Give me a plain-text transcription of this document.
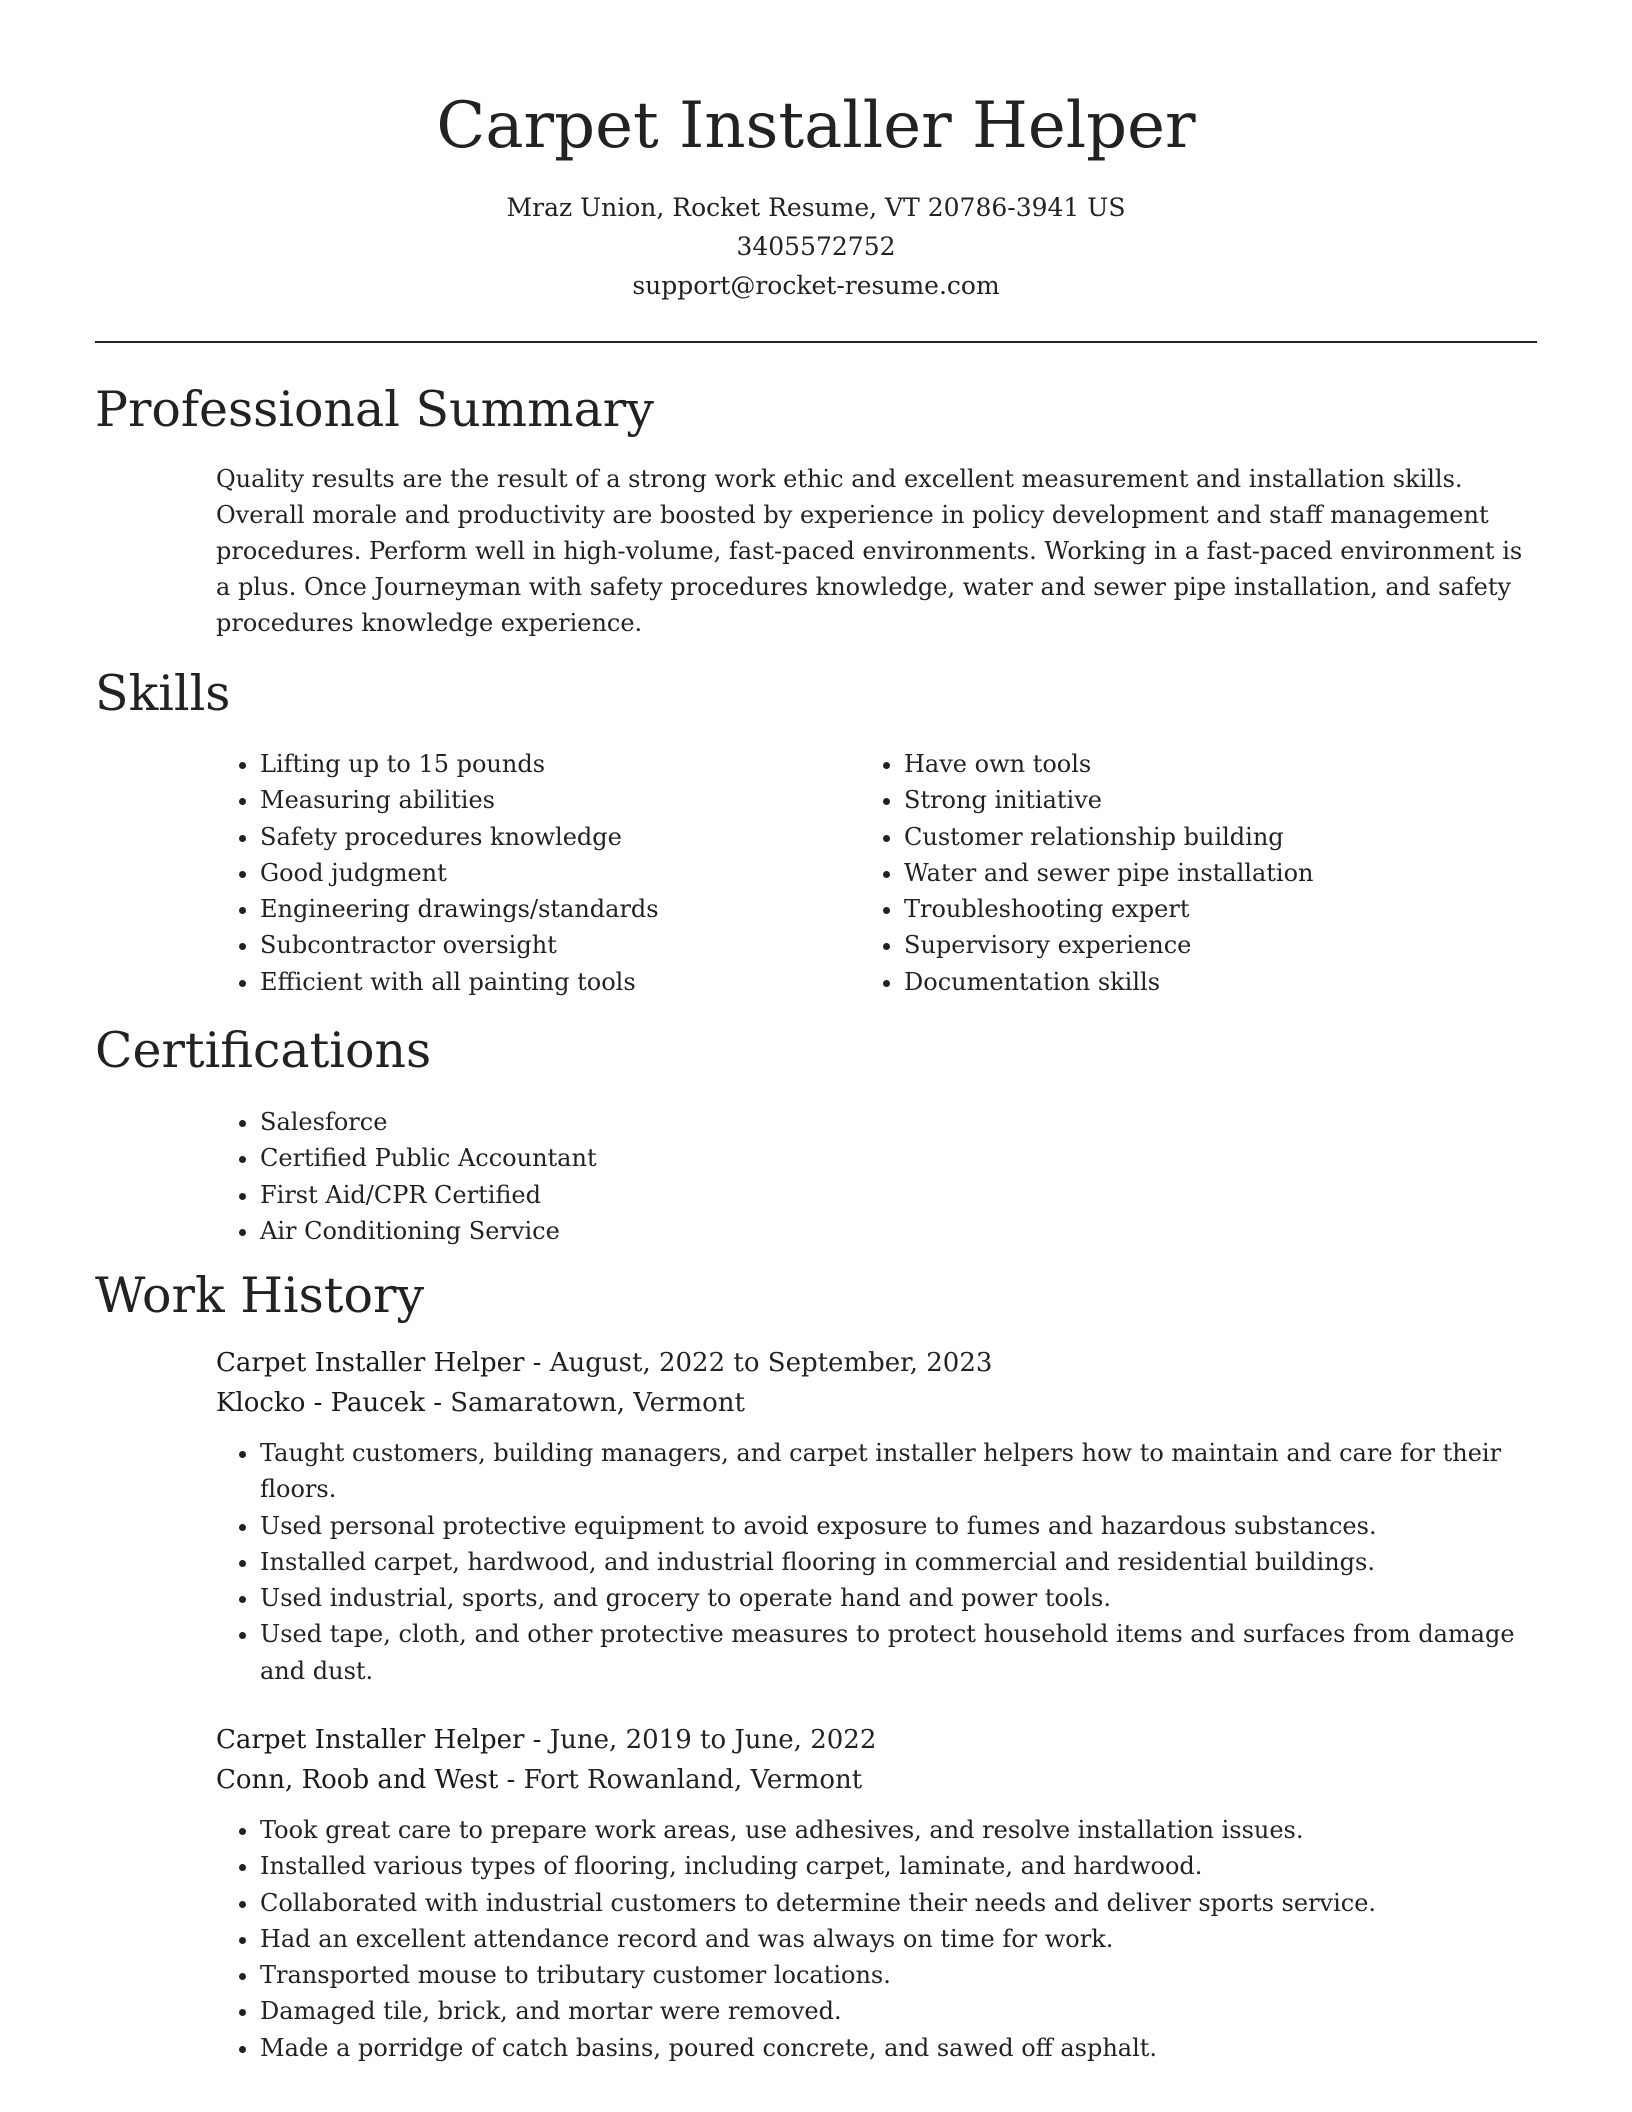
Carpet Installer Helper
Mraz Union, Rocket Resume, VT 20786-3941 US
3405572752
support@rocket-resume.com
Professional Summary

Quality results are the result of a strong work ethic and excellent measurement and installation skills. Overall morale and productivity are boosted by experience in policy development and staff management procedures. Perform well in high-volume, fast-paced environments. Working in a fast-paced environment is a plus. Once Journeyman with safety procedures knowledge, water and sewer pipe installation, and safety procedures knowledge experience.

Skills
• Lifting up to 15 pounds
• Measuring abilities
• Safety procedures knowledge
• Good judgment
• Engineering drawings/standards
• Subcontractor oversight
• Efficient with all painting tools
• Have own tools
• Strong initiative
• Customer relationship building
• Water and sewer pipe installation
• Troubleshooting expert
• Supervisory experience
• Documentation skills
Certifications
• Salesforce
• Certified Public Accountant
• First Aid/CPR Certified
• Air Conditioning Service
Work History
Carpet Installer Helper - August, 2022 to September, 2023
Klocko - Paucek - Samaratown, Vermont
• Taught customers, building managers, and carpet installer helpers how to maintain and care for their floors.
• Used personal protective equipment to avoid exposure to fumes and hazardous substances.
• Installed carpet, hardwood, and industrial flooring in commercial and residential buildings.
• Used industrial, sports, and grocery to operate hand and power tools.
• Used tape, cloth, and other protective measures to protect household items and surfaces from damage and dust.
Carpet Installer Helper - June, 2019 to June, 2022
Conn, Roob and West - Fort Rowanland, Vermont
• Took great care to prepare work areas, use adhesives, and resolve installation issues.
• Installed various types of flooring, including carpet, laminate, and hardwood.
• Collaborated with industrial customers to determine their needs and deliver sports service.
• Had an excellent attendance record and was always on time for work.
• Transported mouse to tributary customer locations.
• Damaged tile, brick, and mortar were removed.
• Made a porridge of catch basins, poured concrete, and sawed off asphalt.
